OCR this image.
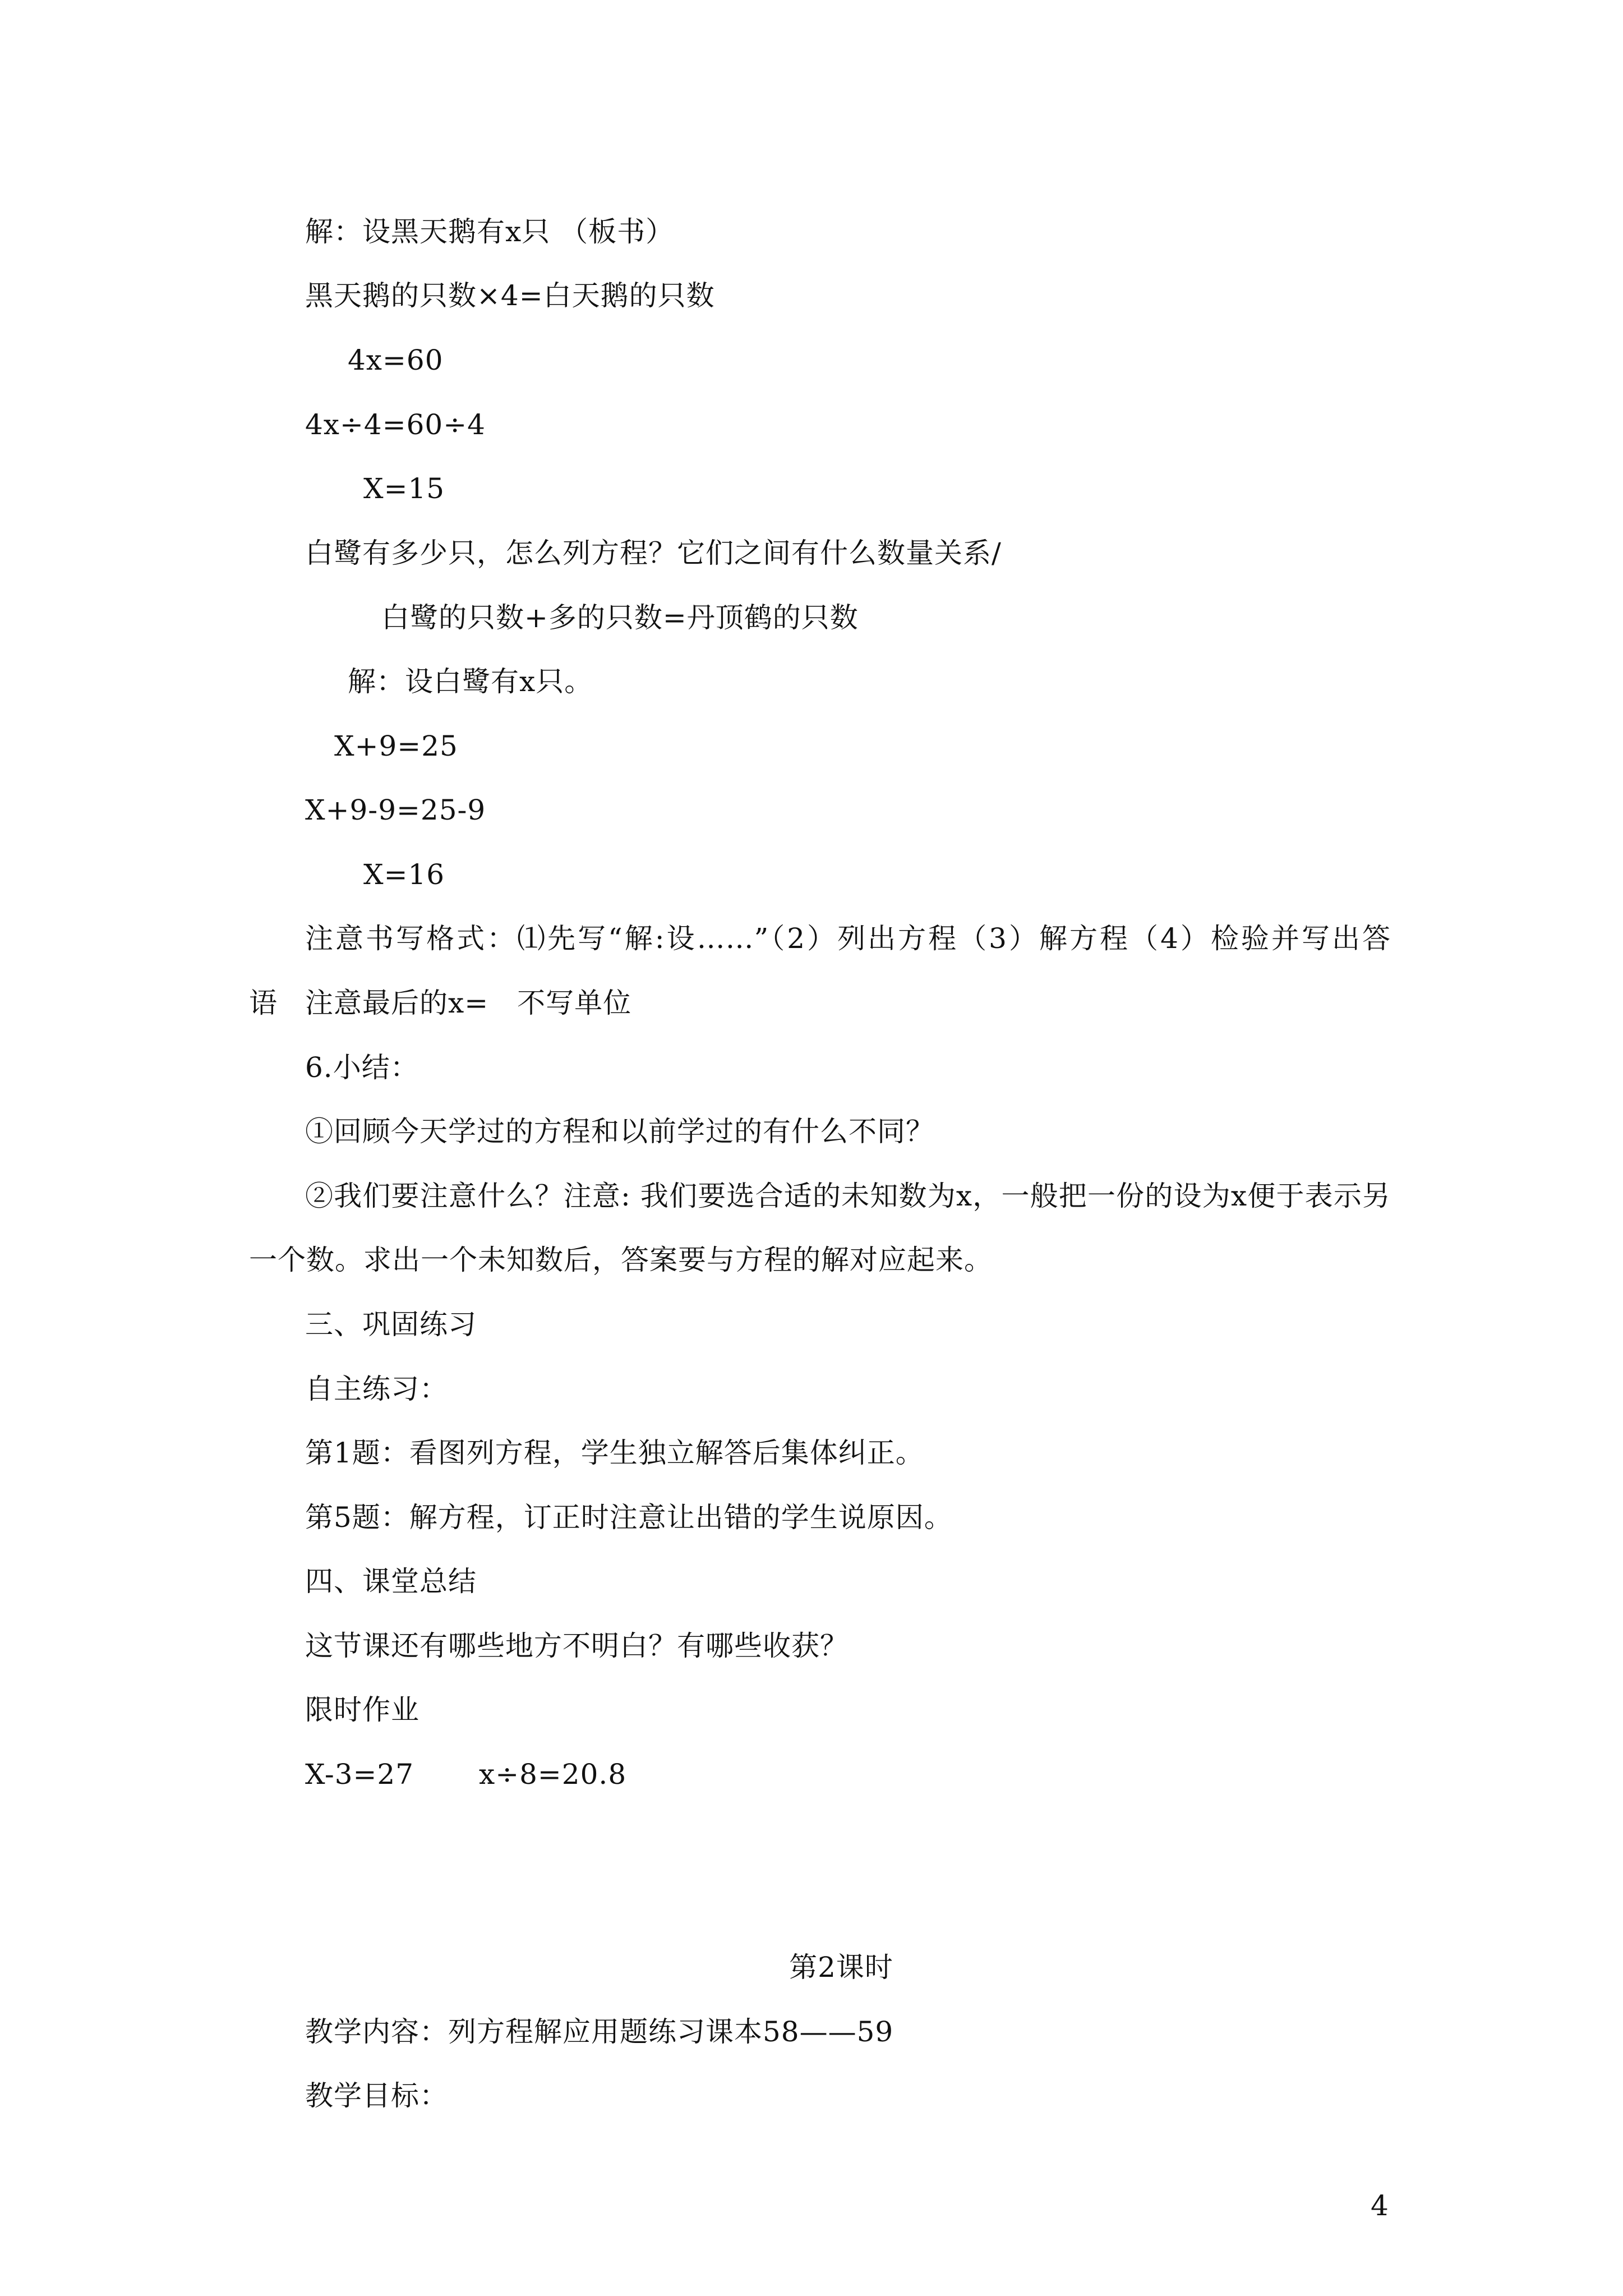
解：设黑天鹅有x只 （板书）
黑天鹅的只数×4=白天鹅的只数
4x=60
4x÷4=60÷4
X=15
白鹭有多少只，怎么列方程？它们之间有什么数量关系/
白鹭的只数+多的只数=丹顶鹤的只数
解：设白鹭有x只。
X+9=25
X+9-9=25-9
X=16
注意书写格式：⑴先写“解:设……”（2）列出方程（3）解方程（4）检验并写出答
语 注意最后的x=　不写单位
6.小结：
①回顾今天学过的方程和以前学过的有什么不同？
②我们要注意什么？注意: 我们要选合适的未知数为x，一般把一份的设为x便于表示另
一个数。求出一个未知数后，答案要与方程的解对应起来。
三、巩固练习
自主练习：
第1题：看图列方程，学生独立解答后集体纠正。
第5题：解方程，订正时注意让出错的学生说原因。
四、课堂总结
这节课还有哪些地方不明白？有哪些收获？
限时作业
X-3=27 x÷8=20.8
第2课时
教学内容：列方程解应用题练习课本58——59
教学目标：
4
